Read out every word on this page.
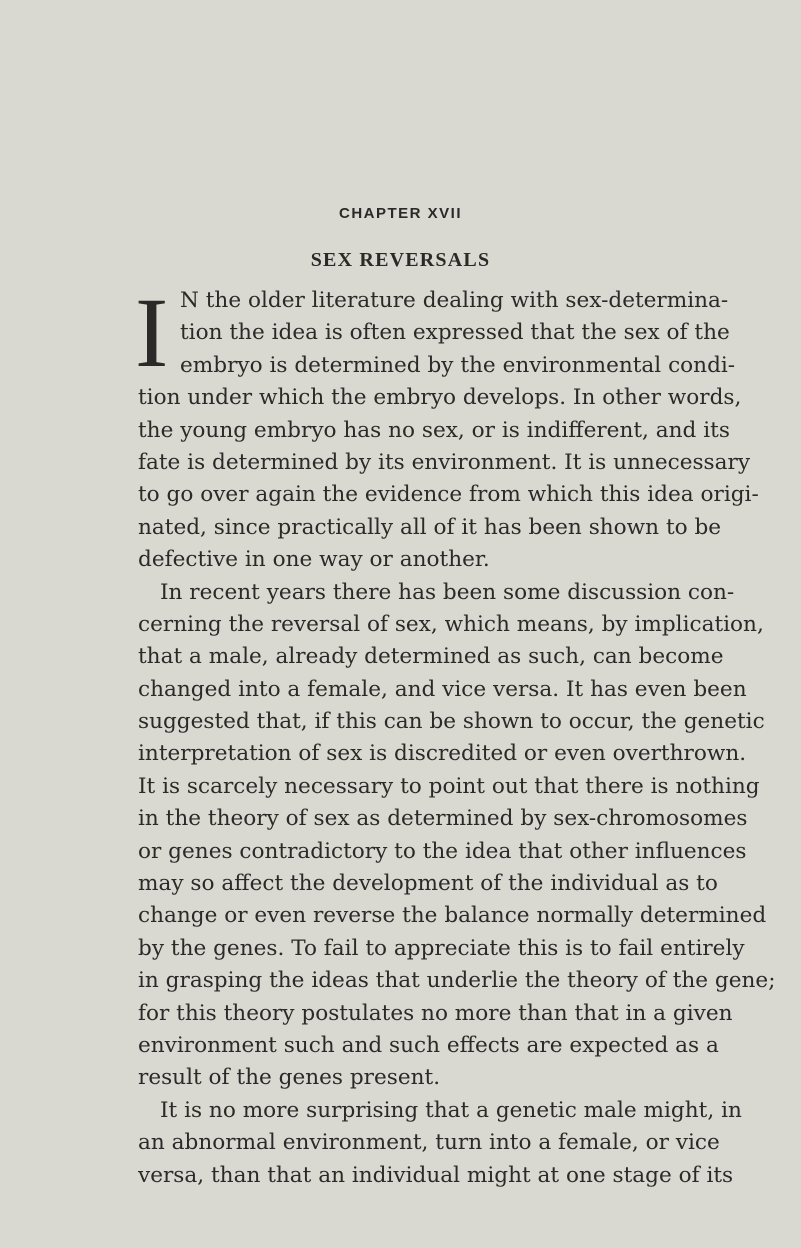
CHAPTER XVII
SEX REVERSALS
I N the older literature dealing with sex-determina-
tion the idea is often expressed that the sex of the
embryo is determined by the environmental condi-
tion under which the embryo develops. In other words,
the young embryo has no sex, or is indifferent, and its
fate is determined by its environment. It is unnecessary
to go over again the evidence from which this idea origi-
nated, since practically all of it has been shown to be
defective in one way or another.
In recent years there has been some discussion con-
cerning the reversal of sex, which means, by implication,
that a male, already determined as such, can become
changed into a female, and vice versa. It has even been
suggested that, if this can be shown to occur, the genetic
interpretation of sex is discredited or even overthrown.
It is scarcely necessary to point out that there is nothing
in the theory of sex as determined by sex-chromosomes
or genes contradictory to the idea that other influences
may so affect the development of the individual as to
change or even reverse the balance normally determined
by the genes. To fail to appreciate this is to fail entirely
in grasping the ideas that underlie the theory of the gene;
for this theory postulates no more than that in a given
environment such and such effects are expected as a
result of the genes present.
It is no more surprising that a genetic male might, in
an abnormal environment, turn into a female, or vice
versa, than that an individual might at one stage of its
